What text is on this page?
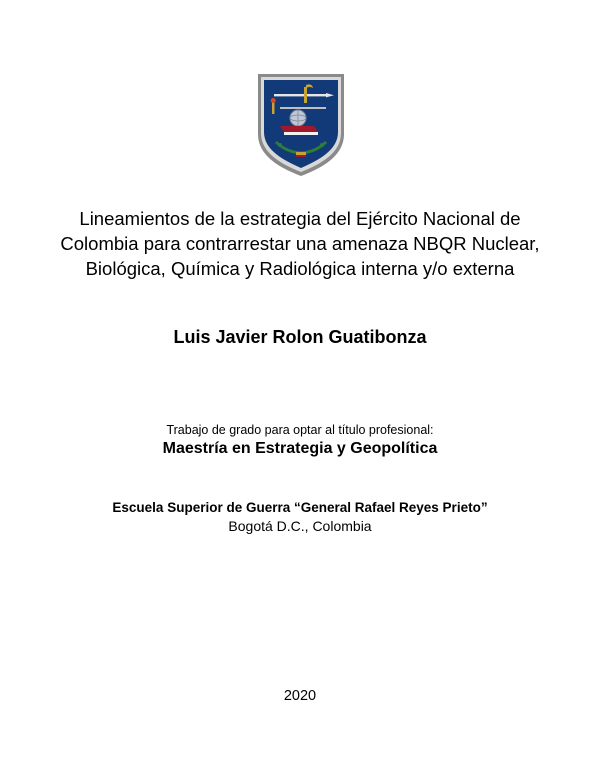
Lineamientos de la estrategia del Ejército Nacional de Colombia para contrarrestar una amenaza NBQR Nuclear, Biológica, Química y Radiológica interna y/o externa

Luis Javier Rolon Guatibonza

Trabajo de grado para optar al título profesional:

Maestría en Estrategia y Geopolítica

Escuela Superior de Guerra “General Rafael Reyes Prieto”

Bogotá D.C., Colombia

2020
